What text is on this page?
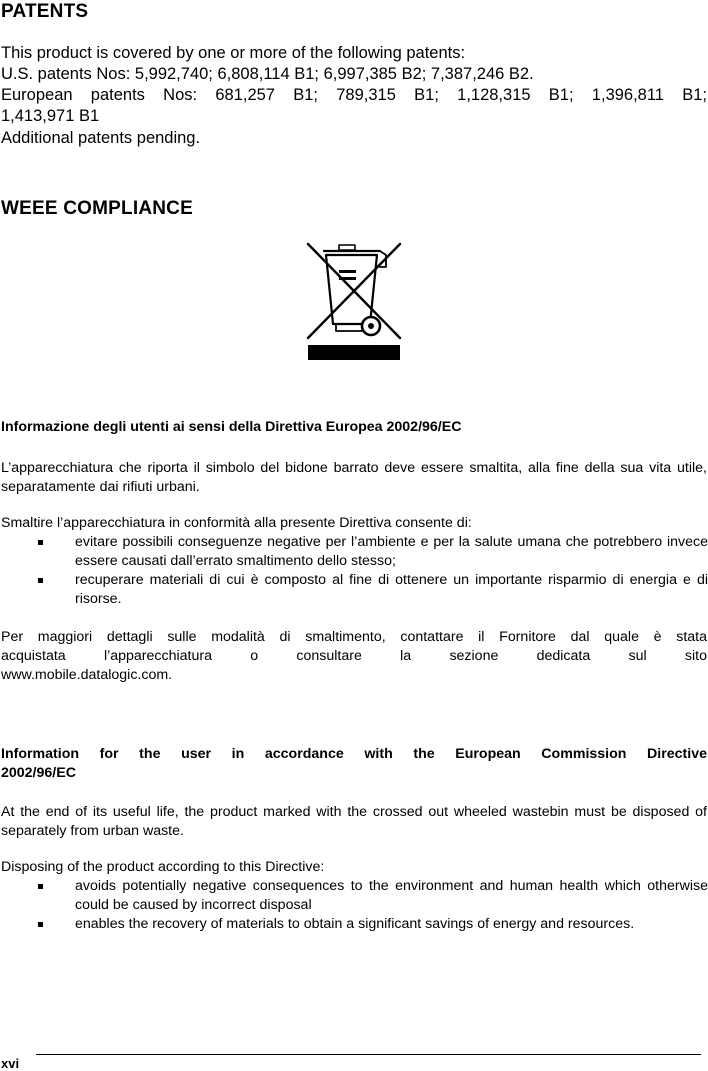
PATENTS
This product is covered by one or more of the following patents:
U.S. patents Nos: 5,992,740; 6,808,114 B1; 6,997,385 B2; 7,387,246 B2.
European patents Nos: 681,257 B1; 789,315 B1; 1,128,315 B1; 1,396,811 B1;
1,413,971 B1
Additional patents pending.
WEEE COMPLIANCE
Informazione degli utenti ai sensi della Direttiva Europea 2002/96/EC
L’apparecchiatura che riporta il simbolo del bidone barrato deve essere smaltita, alla fine della sua vita utile, separatamente dai rifiuti urbani.
Smaltire l’apparecchiatura in conformità alla presente Direttiva consente di:
evitare possibili conseguenze negative per l’ambiente e per la salute umana che potrebbero invece essere causati dall’errato smaltimento dello stesso;
recuperare materiali di cui è composto al fine di ottenere un importante risparmio di energia e di risorse.
Per maggiori dettagli sulle modalità di smaltimento, contattare il Fornitore dal quale è stata
acquistata l’apparecchiatura o consultare la sezione dedicata sul sito
www.mobile.datalogic.com.
Information for the user in accordance with the European Commission Directive
2002/96/EC
At the end of its useful life, the product marked with the crossed out wheeled wastebin must be disposed of separately from urban waste.
Disposing of the product according to this Directive:
avoids potentially negative consequences to the environment and human health which otherwise could be caused by incorrect disposal
enables the recovery of materials to obtain a significant savings of energy and resources.
xvi
